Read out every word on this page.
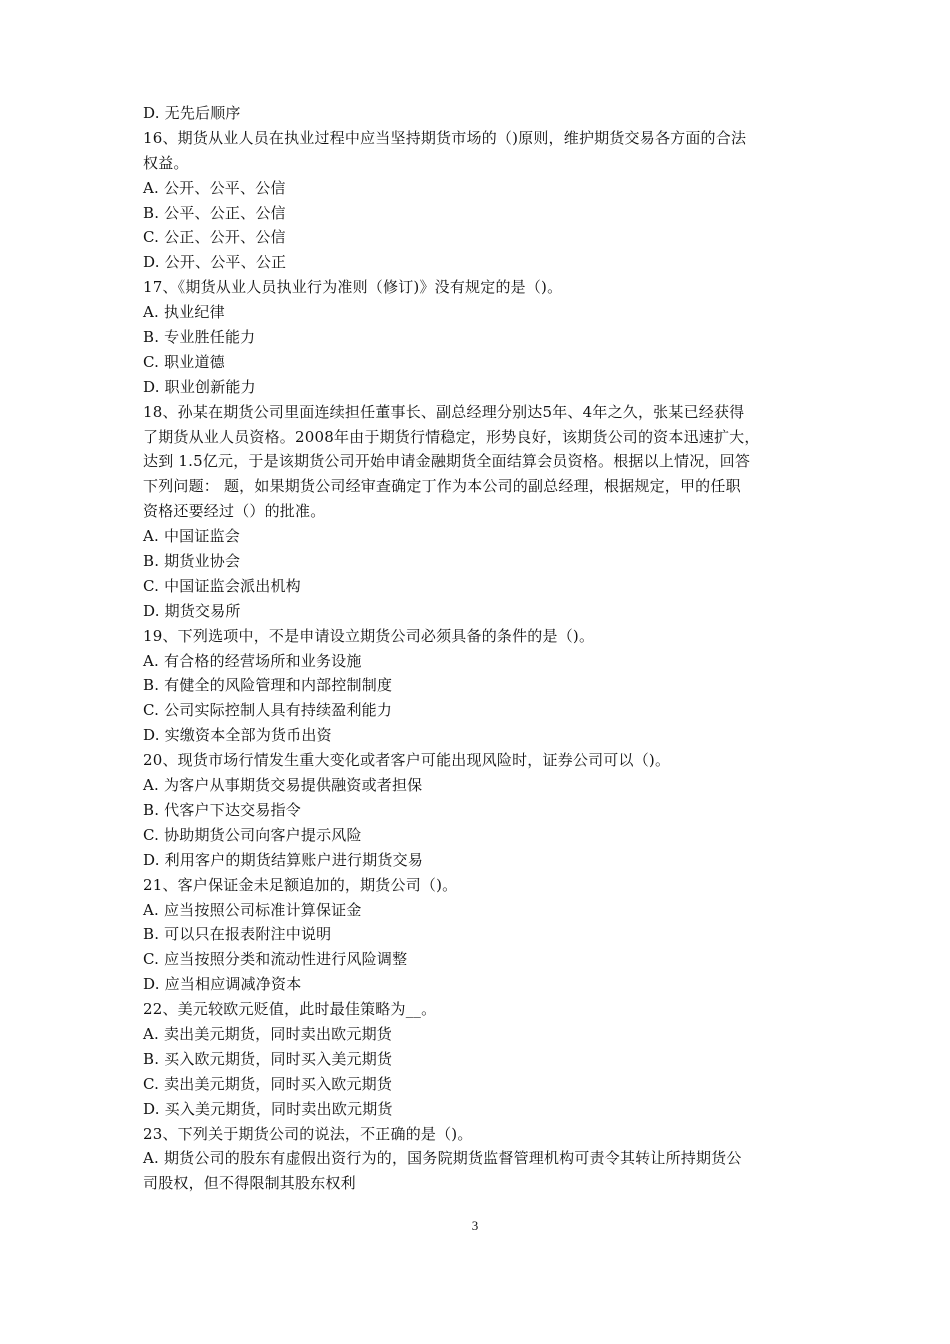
D. 无先后顺序
16、期货从业人员在执业过程中应当坚持期货市场的（)原则，维护期货交易各方面的合法
权益。
A. 公开、公平、公信
B. 公平、公正、公信
C. 公正、公开、公信
D. 公开、公平、公正
17、《期货从业人员执业行为准则（修订)》没有规定的是（)。
A. 执业纪律
B. 专业胜任能力
C. 职业道德
D. 职业创新能力
18、孙某在期货公司里面连续担任董事长、副总经理分别达5年、4年之久，张某已经获得
了期货从业人员资格。2008年由于期货行情稳定，形势良好，该期货公司的资本迅速扩大，
达到 1.5亿元，于是该期货公司开始申请金融期货全面结算会员资格。根据以上情况，回答
下列问题： 题，如果期货公司经审查确定丁作为本公司的副总经理，根据规定，甲的任职
资格还要经过（）的批准。
A. 中国证监会
B. 期货业协会
C. 中国证监会派出机构
D. 期货交易所
19、下列选项中，不是申请设立期货公司必须具备的条件的是（)。
A. 有合格的经营场所和业务设施
B. 有健全的风险管理和内部控制制度
C. 公司实际控制人具有持续盈利能力
D. 实缴资本全部为货币出资
20、现货市场行情发生重大变化或者客户可能出现风险时，证券公司可以（)。
A. 为客户从事期货交易提供融资或者担保
B. 代客户下达交易指令
C. 协助期货公司向客户提示风险
D. 利用客户的期货结算账户进行期货交易
21、客户保证金未足额追加的，期货公司（)。
A. 应当按照公司标准计算保证金
B. 可以只在报表附注中说明
C. 应当按照分类和流动性进行风险调整
D. 应当相应调减净资本
22、美元较欧元贬值，此时最佳策略为__。
A. 卖出美元期货，同时卖出欧元期货
B. 买入欧元期货，同时买入美元期货
C. 卖出美元期货，同时买入欧元期货
D. 买入美元期货，同时卖出欧元期货
23、下列关于期货公司的说法，不正确的是（)。
A. 期货公司的股东有虚假出资行为的，国务院期货监督管理机构可责令其转让所持期货公
司股权，但不得限制其股东权利
3
